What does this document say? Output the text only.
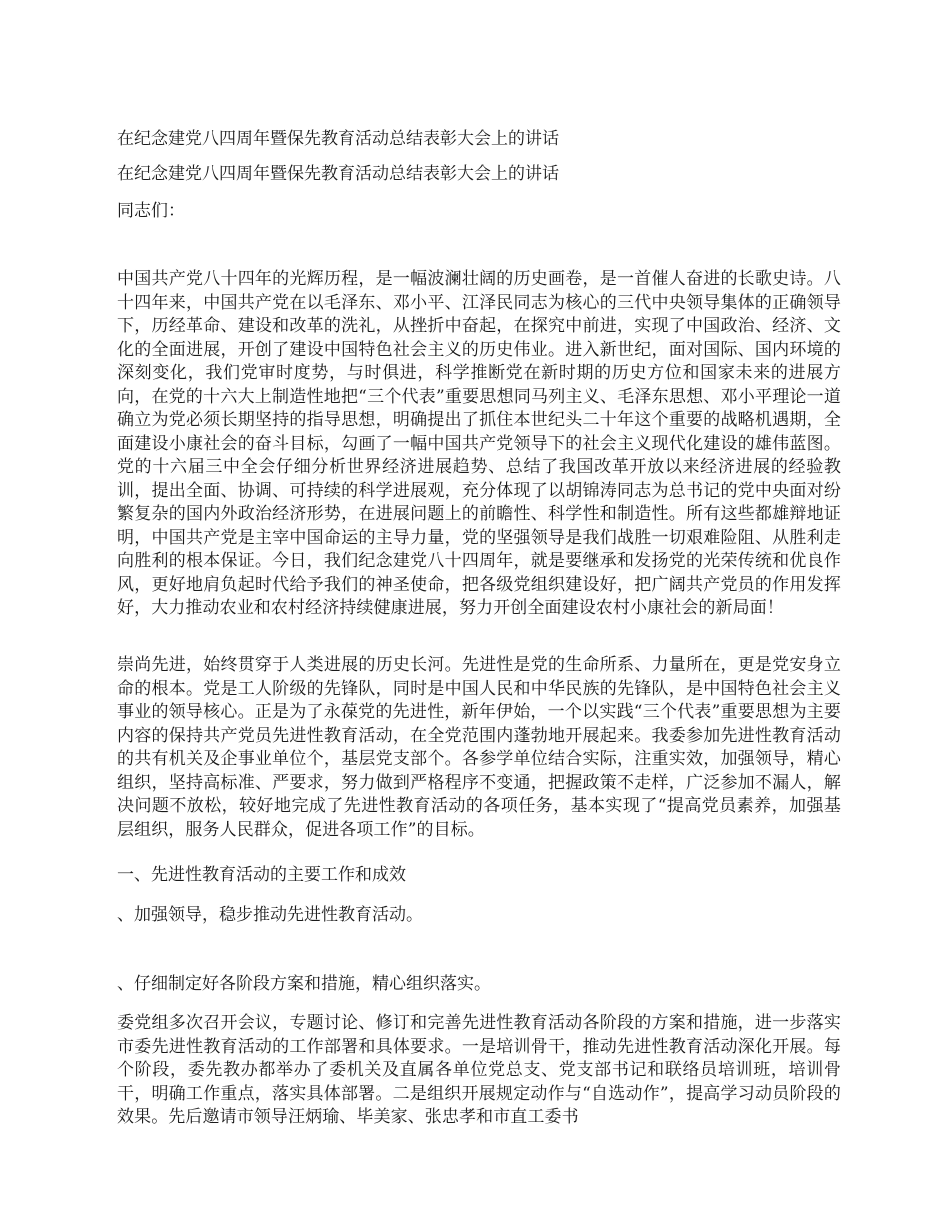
在纪念建党八四周年暨保先教育活动总结表彰大会上的讲话
在纪念建党八四周年暨保先教育活动总结表彰大会上的讲话
同志们：
中国共产党八十四年的光辉历程，是一幅波澜壮阔的历史画卷，是一首催人奋进的长歌史诗。八十四年来，中国共产党在以毛泽东、邓小平、江泽民同志为核心的三代中央领导集体的正确领导下，历经革命、建设和改革的洗礼，从挫折中奋起，在探究中前进，实现了中国政治、经济、文化的全面进展，开创了建设中国特色社会主义的历史伟业。进入新世纪，面对国际、国内环境的深刻变化，我们党审时度势，与时俱进，科学推断党在新时期的历史方位和国家未来的进展方向，在党的十六大上制造性地把“三个代表”重要思想同马列主义、毛泽东思想、邓小平理论一道确立为党必须长期坚持的指导思想，明确提出了抓住本世纪头二十年这个重要的战略机遇期，全面建设小康社会的奋斗目标，勾画了一幅中国共产党领导下的社会主义现代化建设的雄伟蓝图。党的十六届三中全会仔细分析世界经济进展趋势、总结了我国改革开放以来经济进展的经验教训，提出全面、协调、可持续的科学进展观，充分体现了以胡锦涛同志为总书记的党中央面对纷繁复杂的国内外政治经济形势，在进展问题上的前瞻性、科学性和制造性。所有这些都雄辩地证明，中国共产党是主宰中国命运的主导力量，党的坚强领导是我们战胜一切艰难险阻、从胜利走向胜利的根本保证。今日，我们纪念建党八十四周年，就是要继承和发扬党的光荣传统和优良作风，更好地肩负起时代给予我们的神圣使命，把各级党组织建设好，把广阔共产党员的作用发挥好，大力推动农业和农村经济持续健康进展，努力开创全面建设农村小康社会的新局面！
崇尚先进，始终贯穿于人类进展的历史长河。先进性是党的生命所系、力量所在，更是党安身立命的根本。党是工人阶级的先锋队，同时是中国人民和中华民族的先锋队，是中国特色社会主义事业的领导核心。正是为了永葆党的先进性，新年伊始，一个以实践“三个代表”重要思想为主要内容的保持共产党员先进性教育活动，在全党范围内蓬勃地开展起来。我委参加先进性教育活动的共有机关及企事业单位个，基层党支部个。各参学单位结合实际，注重实效，加强领导，精心组织，坚持高标准、严要求，努力做到严格程序不变通，把握政策不走样，广泛参加不漏人，解决问题不放松，较好地完成了先进性教育活动的各项任务，基本实现了“提高党员素养，加强基层组织，服务人民群众，促进各项工作”的目标。
一、先进性教育活动的主要工作和成效
、加强领导，稳步推动先进性教育活动。
、仔细制定好各阶段方案和措施，精心组织落实。
委党组多次召开会议，专题讨论、修订和完善先进性教育活动各阶段的方案和措施，进一步落实市委先进性教育活动的工作部署和具体要求。一是培训骨干，推动先进性教育活动深化开展。每个阶段，委先教办都举办了委机关及直属各单位党总支、党支部书记和联络员培训班，培训骨干，明确工作重点，落实具体部署。二是组织开展规定动作与“自选动作”，提高学习动员阶段的效果。先后邀请市领导汪炳瑜、毕美家、张忠孝和市直工委书
